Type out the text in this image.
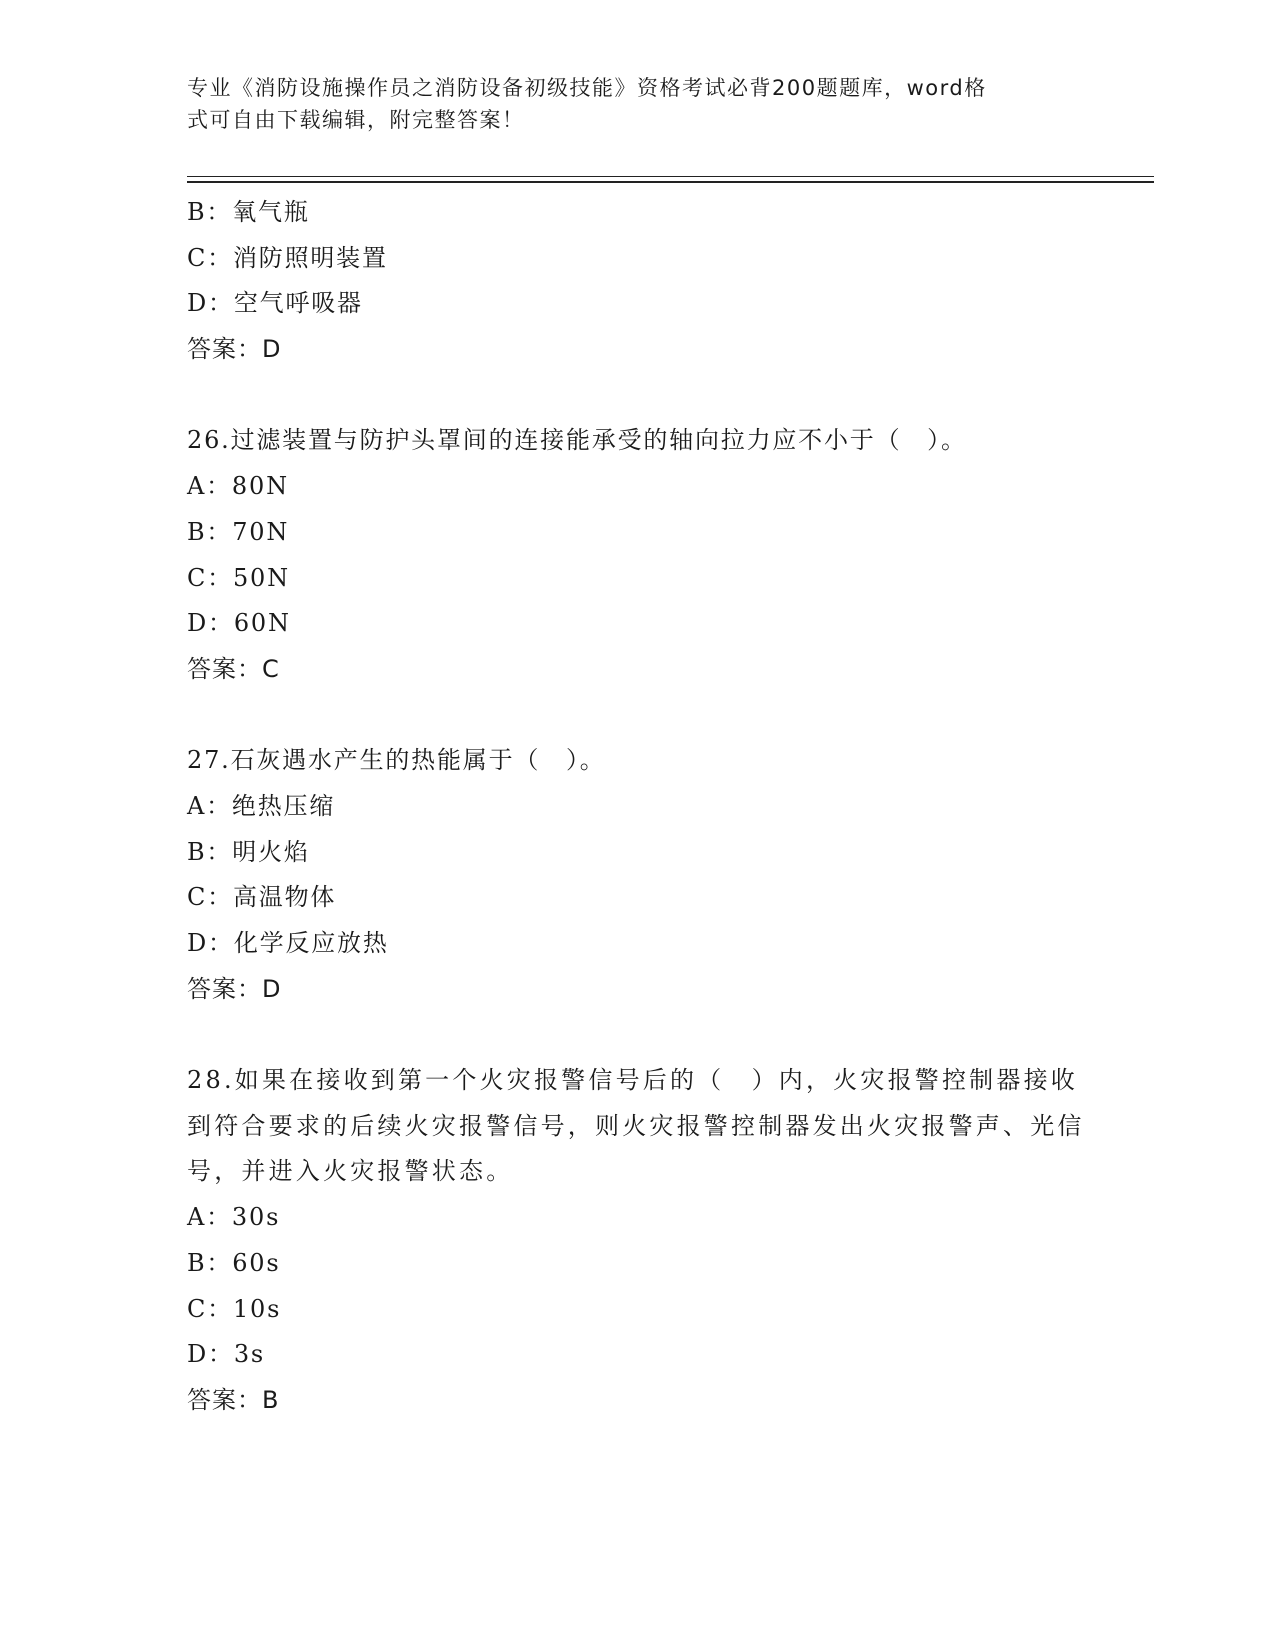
专业《消防设施操作员之消防设备初级技能》资格考试必背200题题库，word格
式可自由下载编辑，附完整答案！
B：氧气瓶
C：消防照明装置
D：空气呼吸器
答案：D
26.过滤装置与防护头罩间的连接能承受的轴向拉力应不小于（　）。
A：80N
B：70N
C：50N
D：60N
答案：C
27.石灰遇水产生的热能属于（　）。
A：绝热压缩
B：明火焰
C：高温物体
D：化学反应放热
答案：D
28.如果在接收到第一个火灾报警信号后的（　）内，火灾报警控制器接收到符合要求的后续火灾报警信号，则火灾报警控制器发出火灾报警声、光信号，并进入火灾报警状态。
A：30s
B：60s
C：10s
D：3s
答案：B
